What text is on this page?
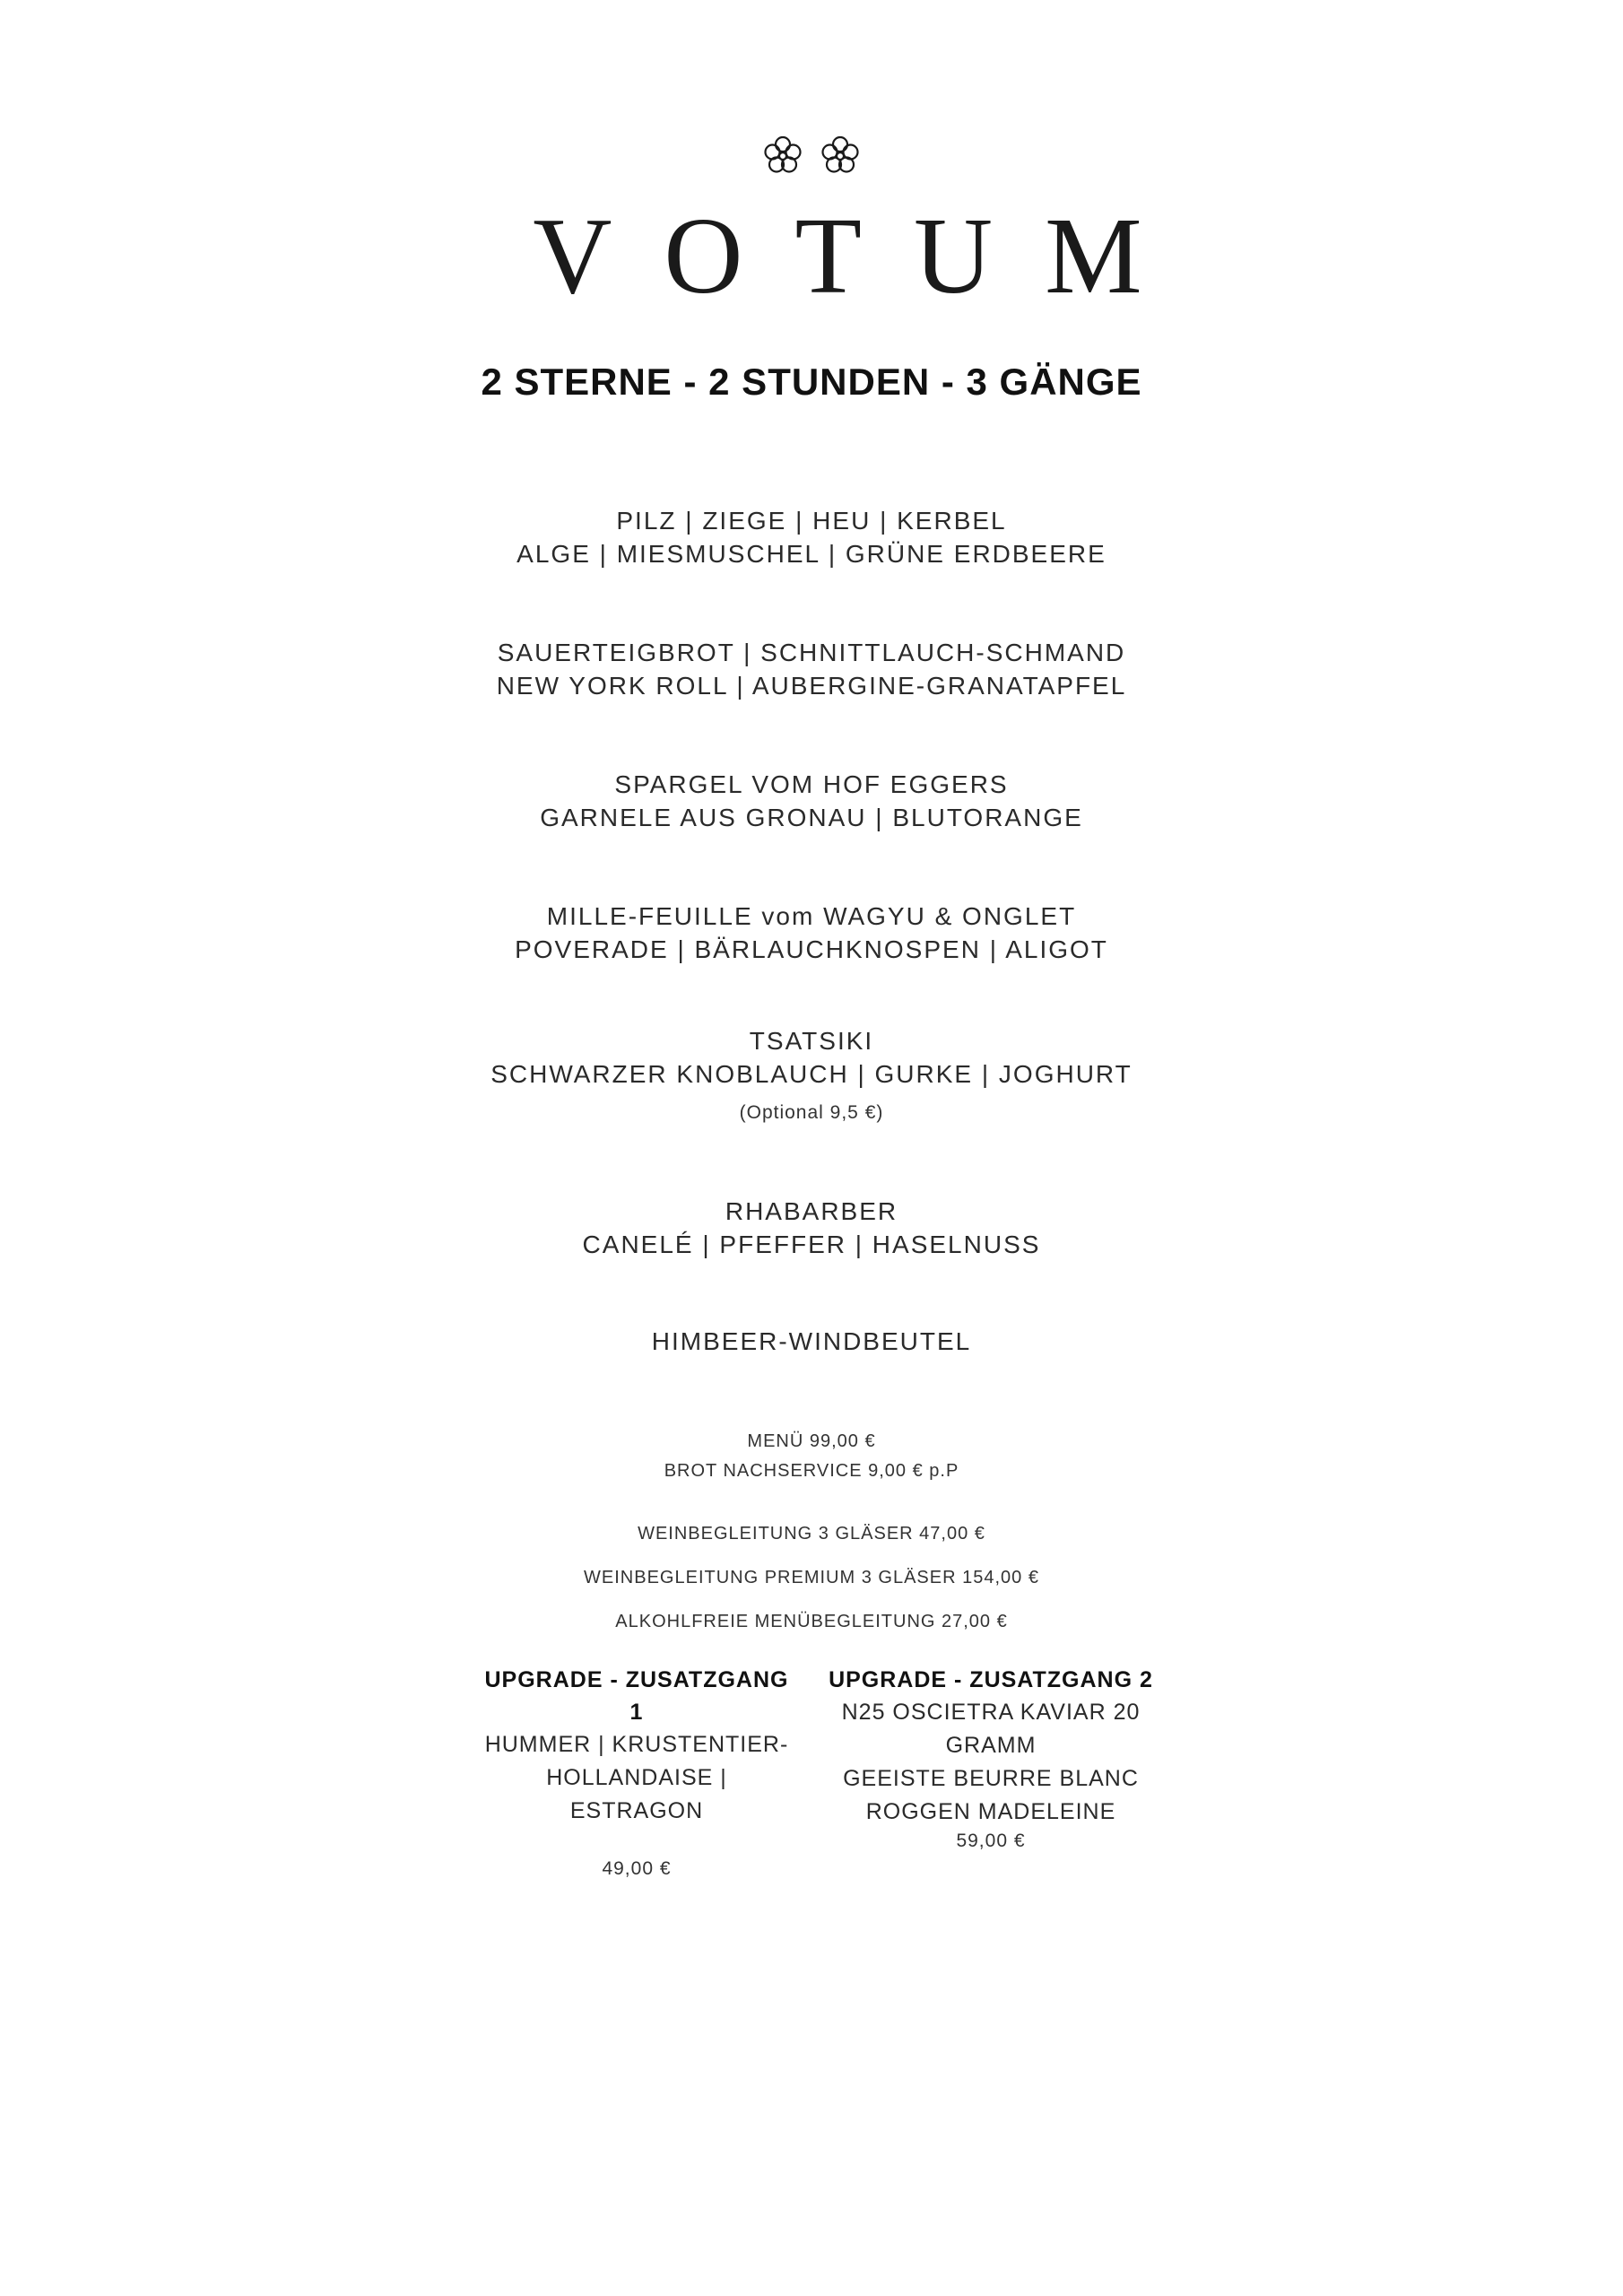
VOTUM
2 STERNE - 2 STUNDEN - 3 GÄNGE
PILZ | ZIEGE | HEU | KERBEL
ALGE | MIESMUSCHEL | GRÜNE ERDBEERE
SAUERTEIGBROT | SCHNITTLAUCH-SCHMAND
NEW YORK ROLL | AUBERGINE-GRANATAPFEL
SPARGEL VOM HOF EGGERS
GARNELE AUS GRONAU | BLUTORANGE
MILLE-FEUILLE vom WAGYU & ONGLET
POVERADE | BÄRLAUCHKNOSPEN | ALIGOT
TSATSIKI
SCHWARZER KNOBLAUCH | GURKE | JOGHURT
(Optional 9,5 €)
RHABARBER
CANELÉ | PFEFFER | HASELNUSS
HIMBEER-WINDBEUTEL
MENÜ 99,00 €
BROT NACHSERVICE 9,00 € p.P
WEINBEGLEITUNG 3 GLÄSER 47,00 €
WEINBEGLEITUNG PREMIUM 3 GLÄSER 154,00 €
ALKOHLFREIE MENÜBEGLEITUNG 27,00 €
UPGRADE - ZUSATZGANG 1
HUMMER | KRUSTENTIER-
HOLLANDAISE | ESTRAGON
49,00 €
UPGRADE - ZUSATZGANG 2
N25 OSCIETRA KAVIAR 20 GRAMM
GEEISTE BEURRE BLANC
ROGGEN MADELEINE
59,00 €
